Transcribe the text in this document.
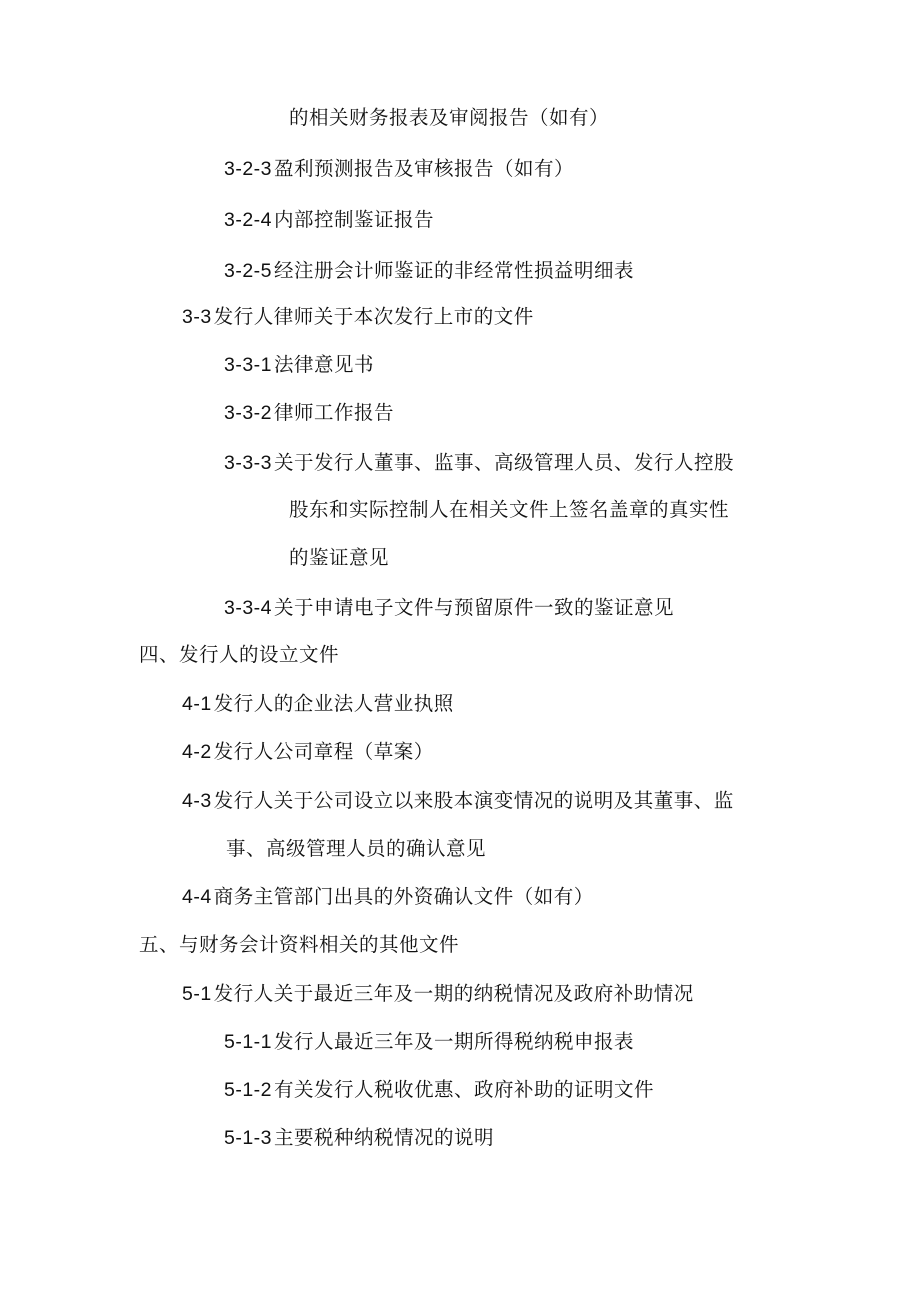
的相关财务报表及审阅报告（如有）
3-2-3 盈利预测报告及审核报告（如有）
3-2-4 内部控制鉴证报告
3-2-5 经注册会计师鉴证的非经常性损益明细表
3-3 发行人律师关于本次发行上市的文件
3-3-1 法律意见书
3-3-2 律师工作报告
3-3-3 关于发行人董事、监事、高级管理人员、发行人控股
股东和实际控制人在相关文件上签名盖章的真实性
的鉴证意见
3-3-4 关于申请电子文件与预留原件一致的鉴证意见
四、发行人的设立文件
4-1 发行人的企业法人营业执照
4-2 发行人公司章程（草案）
4-3 发行人关于公司设立以来股本演变情况的说明及其董事、监
事、高级管理人员的确认意见
4-4 商务主管部门出具的外资确认文件（如有）
五、与财务会计资料相关的其他文件
5-1 发行人关于最近三年及一期的纳税情况及政府补助情况
5-1-1 发行人最近三年及一期所得税纳税申报表
5-1-2 有关发行人税收优惠、政府补助的证明文件
5-1-3 主要税种纳税情况的说明
